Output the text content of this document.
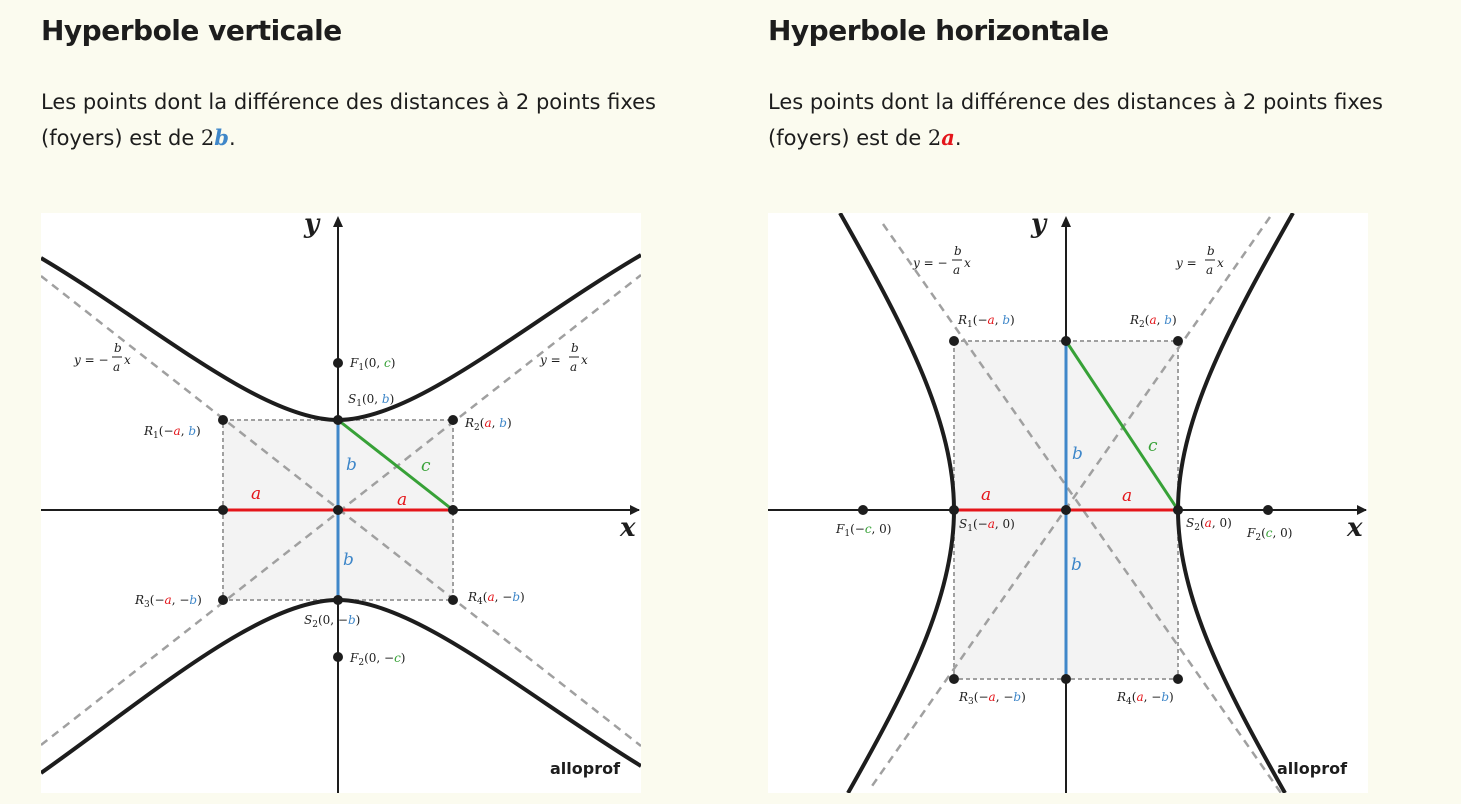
Hyperbole verticale
Les points dont la différence des distances à 2 points fixes (foyers) est de 2b.
y
x
a	a
b
b
c
y = −
b
a x	y =
b
a x
$F_1(0$, c)
$S_1(0$, b)
$R_1(-a$, b)
$R_2(a$, b)
$R_3(-a$, −b)	$R_4(a$, −b)
$S_2(0$, −b)
$F_2(0$, −c)
alloprof
Hyperbole horizontale
Les points dont la différence des distances à 2 points fixes (foyers) est de 2a.
y
x
a	a
b
b
c
y = −
b
a x	y =
b
a x
$R_1(-a$, b)	$R_2(a$, b)
$F_1(-c$, 0)	$S_1(-a$, 0)	$S_2(a$, 0)
$F_2(c$, 0)
$R_3(-a$, −b)	$R_4(a$, −b)
alloprof
